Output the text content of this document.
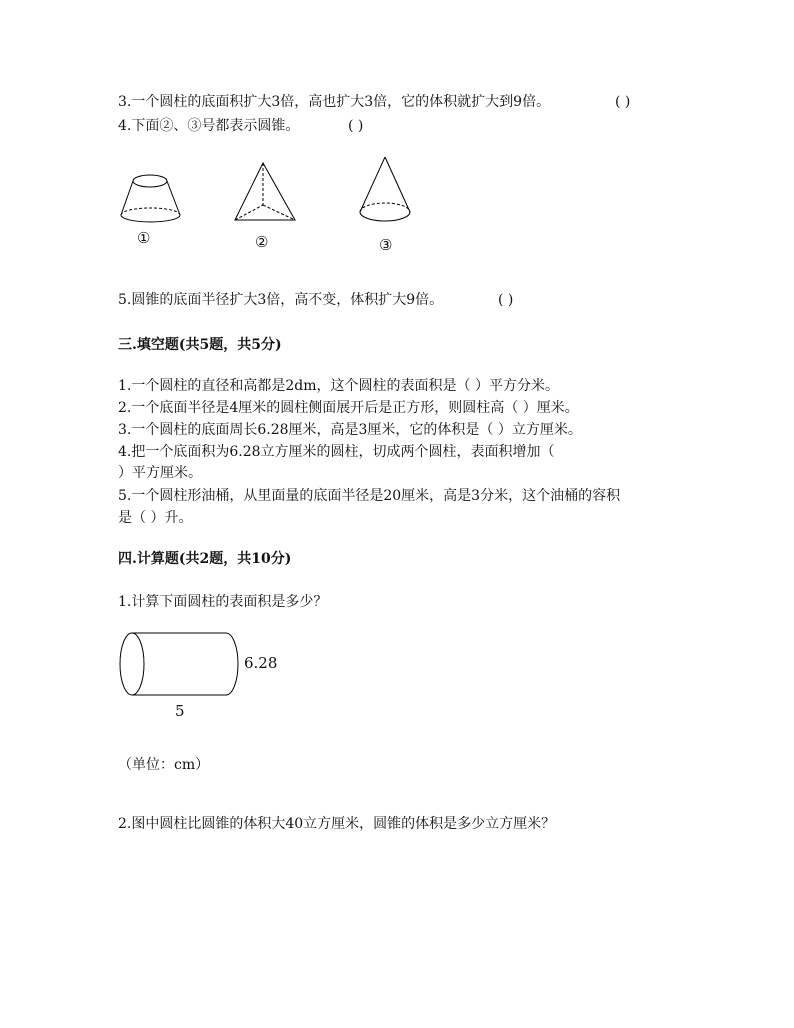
3.一个圆柱的底面积扩大3倍，高也扩大3倍，它的体积就扩大到9倍。	( )
4.下面②、③号都表示圆锥。	( )
①	②	③
5.圆锥的底面半径扩大3倍，高不变，体积扩大9倍。	( )
三.填空题(共5题，共5分)
1.一个圆柱的直径和高都是2dm，这个圆柱的表面积是（ ）平方分米。
2.一个底面半径是4厘米的圆柱侧面展开后是正方形，则圆柱高（ ）厘米。
3.一个圆柱的底面周长6.28厘米，高是3厘米，它的体积是（ ）立方厘米。
4.把一个底面积为6.28立方厘米的圆柱，切成两个圆柱，表面积增加（
）平方厘米。
5.一个圆柱形油桶，从里面量的底面半径是20厘米，高是3分米，这个油桶的容积
是（ ）升。
四.计算题(共2题，共10分)
1.计算下面圆柱的表面积是多少？
6.28
5
（单位：cm）
2.图中圆柱比圆锥的体积大40立方厘米，圆锥的体积是多少立方厘米？
